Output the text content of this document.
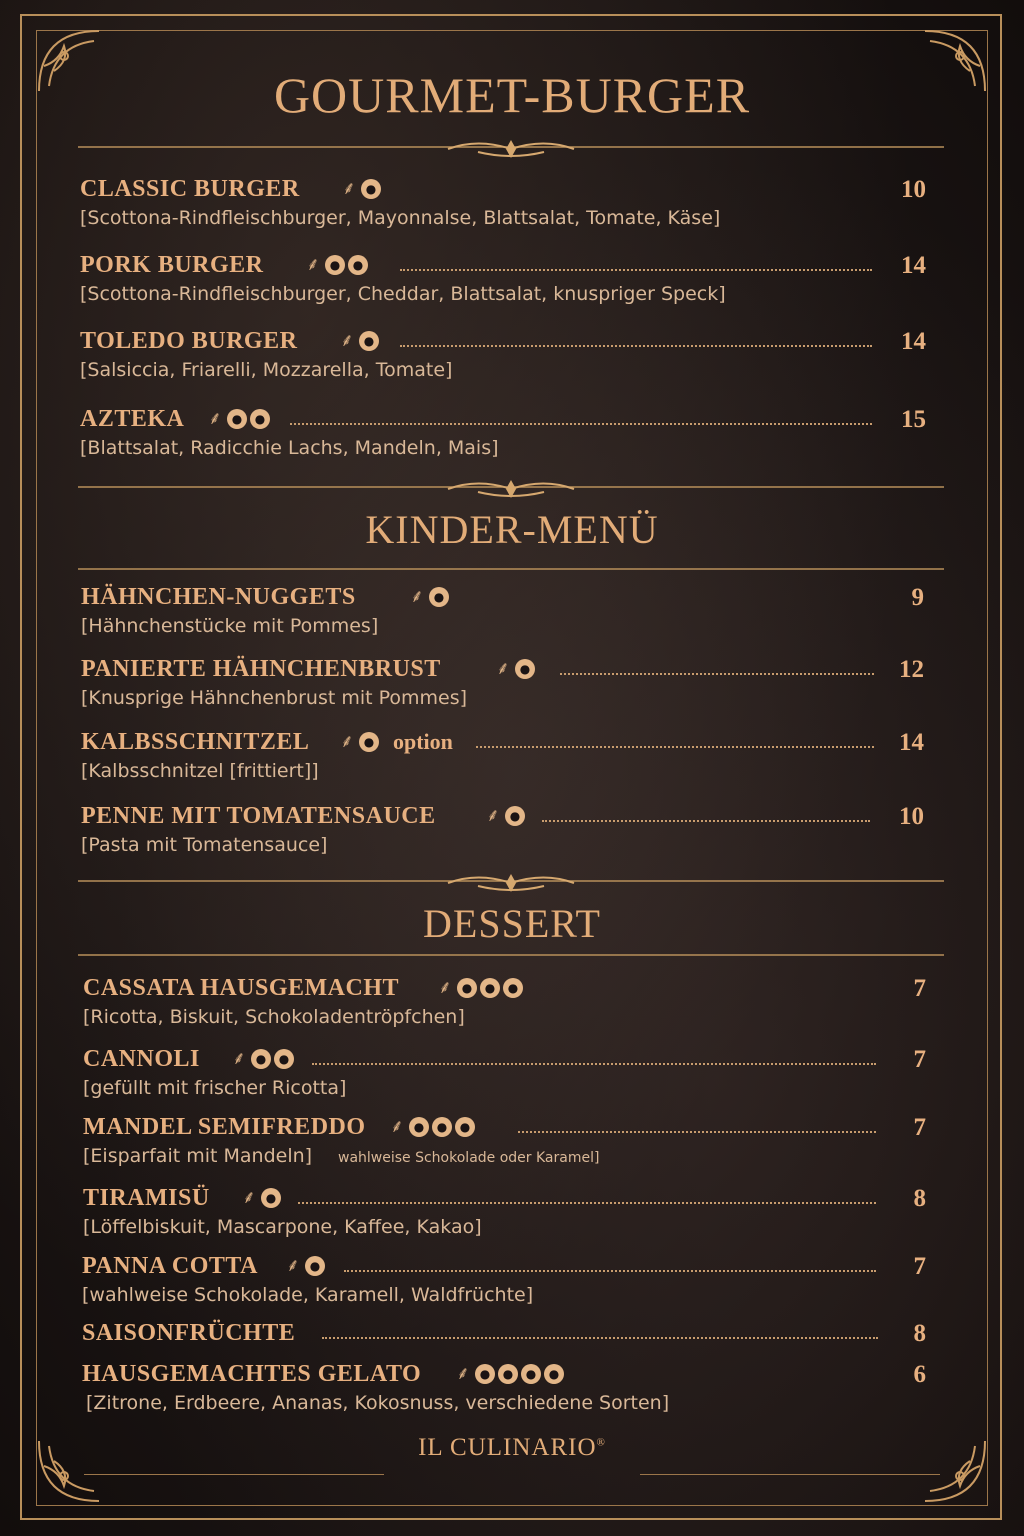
GOURMET-BURGER
KINDER-MENÜ
DESSERT
CLASSIC BURGER ⸙ ●	10
[Scottona-Rindfleischburger, Mayonnalse, Blattsalat, Tomate, Käse]
PORK BURGER ⸙ ●	●	14
[Scottona-Rindfleischburger, Cheddar, Blattsalat, knuspriger Speck]
TOLEDO BURGER ⸙ ●	14
[Salsiccia, Friarelli, Mozzarella, Tomate]
AZTEKA ⸙ ●	●	15
[Blattsalat, Radicchie Lachs, Mandeln, Mais]
HÄHNCHEN-NUGGETS	⸙ ●	9
[Hähnchenstücke mit Pommes]
PANIERTE HÄHNCHENBRUST	⸙ ●	12
[Knusprige Hähnchenbrust mit Pommes]
KALBSSCHNITZEL ⸙ ● option	14
[Kalbsschnitzel [frittiert]]
PENNE MIT TOMATENSAUCE	⸙ ●	10
[Pasta mit Tomatensauce]
CASSATA HAUSGEMACHT ⸙ ●	●	●	7
[Ricotta, Biskuit, Schokoladentröpfchen]
CANNOLI ⸙ ●	●	7
[gefüllt mit frischer Ricotta]
MANDEL SEMIFREDDO ⸙ ●	●	●	7
[Eisparfait mit Mandeln] wahlweise Schokolade oder Karamel]
TIRAMISÜ ⸙ ●	8
[Löffelbiskuit, Mascarpone, Kaffee, Kakao]
PANNA COTTA ⸙ ●	7
[wahlweise Schokolade, Karamell, Waldfrüchte]
SAISONFRÜCHTE	8
HAUSGEMACHTES GELATO ⸙ ●	●	●	●	6
[Zitrone, Erdbeere, Ananas, Kokosnuss, verschiedene Sorten]
IL CULINARIO®
